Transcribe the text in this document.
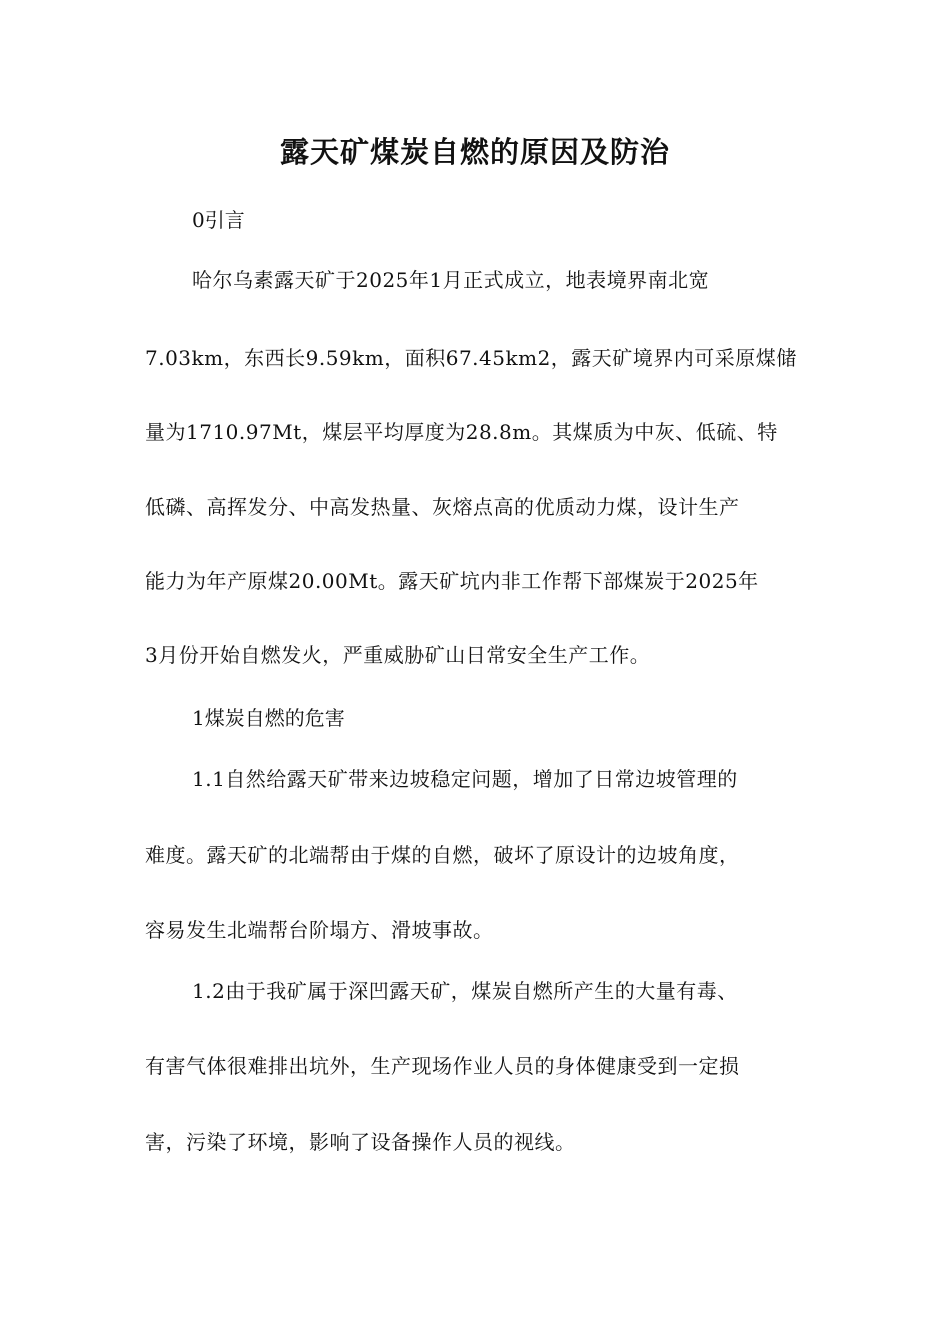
露天矿煤炭自燃的原因及防治
0引言
哈尔乌素露天矿于2025年1月正式成立，地表境界南北宽
7.03km，东西长9.59km，面积67.45km2，露天矿境界内可采原煤储
量为1710.97Mt，煤层平均厚度为28.8m。其煤质为中灰、低硫、特
低磷、高挥发分、中高发热量、灰熔点高的优质动力煤，设计生产
能力为年产原煤20.00Mt。露天矿坑内非工作帮下部煤炭于2025年
3月份开始自燃发火，严重威胁矿山日常安全生产工作。
1煤炭自燃的危害
1.1自然给露天矿带来边坡稳定问题，增加了日常边坡管理的
难度。露天矿的北端帮由于煤的自燃，破坏了原设计的边坡角度，
容易发生北端帮台阶塌方、滑坡事故。
1.2由于我矿属于深凹露天矿，煤炭自燃所产生的大量有毒、
有害气体很难排出坑外，生产现场作业人员的身体健康受到一定损
害，污染了环境，影响了设备操作人员的视线。
